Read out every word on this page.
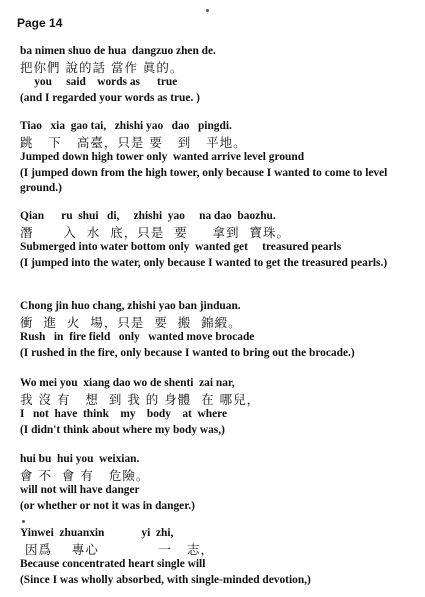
Page 14
ba nimen shuo de hua  dangzuo zhen de.
把你們 說的話 當作 眞的。
you     said    words as      true
(and I regarded your words as true. )
Tiao   xia  gao tai,   zhishi yao   dao   pingdi.
跳   下   高臺，只是 要   到   平地。
Jumped down high tower only  wanted arrive level ground
(I jumped down from the high tower, only because I wanted to come to level ground.)
Qian      ru  shui   di,     zhishi  yao     na dao  baozhu.
潛      入  水  底，只是  要     拿到  寶珠。
Submerged into water bottom only  wanted get     treasured pearls
(I jumped into the water, only because I wanted to get the treasured pearls.)
Chong jin huo chang, zhishi yao ban jinduan.
衝  進  火  場，只是  要  搬  錦緞。
Rush   in  fire field   only   wanted move brocade
(I rushed in the fire, only because I wanted to bring out the brocade.)
Wo mei you  xiang dao wo de shenti  zai nar,
我 沒 有   想  到 我 的 身體  在 哪兒，
I   not  have  think    my    body    at  where
(I didn't think about where my body was,)
hui bu  hui you  weixian.
會 不  會 有   危險。
will not will have danger
(or whether or not it was in danger.)
Yinwei  zhuanxin             yi  zhi,
因爲    專心            一   志，
Because concentrated heart single will
(Since I was wholly absorbed, with single-minded devotion,)
